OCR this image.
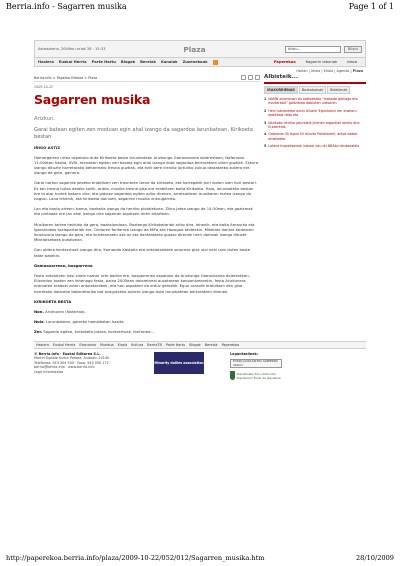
Berria.info - Sagarren musika	Page 1 of 1
Asteazkena, 2009ko urriak 28 · 15:33	Plaza	bilatu...	Bilatu
Hasiera Euskal Herria Parte Hartu Blogak Berelak Kanalak Zuzenekoak	Paperekoa	Kagarrin labunak	Idaza
Harian | Iritzia | Kirola | Agenda | Plaza
Berria.info > Paperko Edizioa > Plaza
2009-10-22
Sagarren musika
Arizkun.
Garai batean egiten zen moduan egin ahal izango da sagardoa larunbatean, Kirikoeta bestan
IÑIGO ASTIZ

Hamargarren urtez ospatuko dute Kirikoeta besta larunbatean Arizkungo Gamoveanea dolarevtean, Nafarroan. 11:00etan hasita, XVIII. mendean egiten zen bezala egin ahal izango dute sagardoa bertaratzen diren guztiek. Eskura izango dituzte horretarako beharrezko tresna guztiak, eta ezik bere ciendiz lorturiko zukua dastatzeko aukera ere izango da gero, gainera.

Garai hartan sagarrak jotzeko erabiltzen zen tresnaren izena da kirikoeta, eta horregatik jarri zioten izen hori bestari. Ez tan tresna hutsa delako soilik, ordea, musika tresna gisa ere erabiltzen baita Kirikoeta. Hala, larunbateko bestan ere bi ator horiek batzen dira, eta gidoiez sagardoa egiten ariko direnen, arratsaldean musikaren tartea izango da nagusi. Lana lehenik, eta kirikoeta doinuen, sagarren musika entzugarriko.

Lan eta kanta arteen, bama, bazkaria izango da herriko plotalekuan. Zikro jatea izango da 14:30ean, eta gazlamak eta pintxoak ere jan ahal izango dira sagarrak topatzen diren bitartean.

Musikaren tartea helduko da gero, bazkalondoan. Baztango Kirikoketariak ariko dira, lehenik, eta baita Amaurko eta Igaranideko txalapartariak ere. Ondoren fanfarrea izango da MiFa eta Hazogoa taldeekin. Mikelats dantza taldearen ikuskizuna izango da gero, eta ikusteariaetn ask oz eta dantzatzeko gujazo direnek herri dantzak izango dituzte Mikelatsekoek bukatzean.

Gau aldera kontzertuak izango dira, Komando Kastaña eta antolatzaileek sorpresa gisa utzi nahi izan duten beste talde batekin.

Gamoaxarrean, bosgarrena

Festa antolatzen hasi zirela hamar urte badira ere, bosgarrenez ospatuko da Arizkungo Gamovianea dolarevtean. Elizondon toaten zen lehenago festa, baina 2005ean dolaretveal auzotarean konpontzearekin, festa Arizkunera eramatea erabaki zuten antolatzaileek, eta han ospatzen da orduz geroztik. Egun orandik erabiltzen den gisa horretako dolarebe bakanetariko bat azagutzeko aukera izango dute larunbatean bertaratzen direnek.

KIRIKOETA BESTA

Non. Arizkunen (Nafarroa).

Noiz. Larunbatean, goizeko hamaiketan hasita.

Zer. Sagardo egitea, kirikoketa jotzea, kontzertuak, fanfarrea...

Albisteik...
IRAKURRIENAK	Bozkatuenak	Bidalienak
1 NAMN zinerlenari du katladeeko "mokada gehiago eta esnitarazki" galtzitzea dabiuten urduaren
2 Herri kalzonteke ezzlu diluzte 'Egunkarizi ren euskaru epaitkala data eta
3 Idizikoko herriko jatundeik jinenen argaztiak lanelu dira Erzaerkiak
4 Gobrenen Bi legun hil diluzte Pakistaneri, antza bakoe amaitzeko
5 Lakera Inapetloeriak irabazi nau du NBAko denboraldia
Hasiera Euskal Herria Ekonomia Mundua Kirola Kultura BerriaTB Parte Hartu Blogak Berelak Paperekoa
© Berria.info · Euskal Editorea S.L.
Martin Ugalde Kultur Parkea, Andoain 20140
Telefonoa: 943 304 530 · Faxa: 943 590 172
berria@berria.info · www.berria.info
Lege Informazioa
Minority dailies association
Laguntzaileak:
EUSKO JAURLARITZA GOBIERNO VASCO
Gipuzkoako Foru Aldundia Diputación Foral de Gipuzkoa
http://paperekoa.berria.info/plaza/2009-10-22/052/012/Sagarren_musika.htm	28/10/2009
